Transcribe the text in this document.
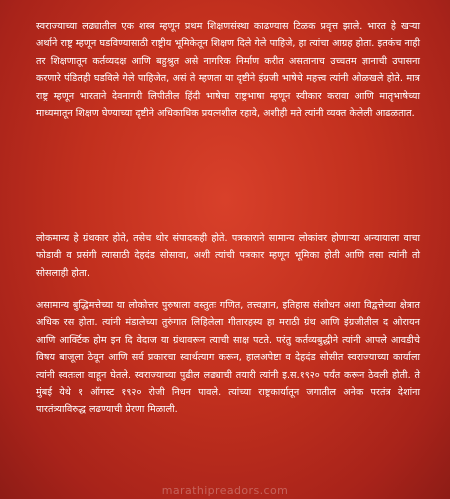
स्वराज्याच्या लढ्यातील एक शस्त्र म्हणून प्रथम शिक्षणसंस्था काढण्यास टिळक प्रवृत्त झाले. भारत हे खऱ्या अर्थाने राष्ट्र म्हणून घडविण्यासाठी राष्ट्रीय भूमिकेतून शिक्षण दिले गेले पाहिजे, हा त्यांचा आग्रह होता. इतकंच नाही तर शिक्षणातून कर्तव्यदक्ष आणि बहुश्रुत असे नागरिक निर्माण करीत असतानाच उच्चतम ज्ञानाची उपासना करणारे पंडितही घडविले गेले पाहिजेत, असं ते म्हणता या दृष्टीने इंग्रजी भाषेचे महत्त्व त्यांनी ओळखले होते. मात्र राष्ट्र म्हणून भारताने देवनागरी लिपीतील हिंदी भाषेचा राष्ट्रभाषा म्हणून स्वीकार करावा आणि मातृभाषेच्या माध्यमातून शिक्षण घेण्याच्या दृष्टीने अधिकाधिक प्रयत्नशील रहावे, अशीही मते त्यांनी व्यक्त केलेली आढळतात.
लोकमान्य हे ग्रंथकार होते, तसेच थोर संपादकही होते. पत्रकाराने सामान्य लोकांवर होणाऱ्या अन्यायाला वाचा फोडावी व प्रसंगी त्यासाठी देहदंड सोसावा, अशी त्यांची पत्रकार म्हणून भूमिका होती आणि तसा त्यांनी तो सोसलाही होता.
असामान्य बुद्धिमत्तेच्या या लोकोत्तर पुरुषाला वस्तुतः गणित, तत्त्वज्ञान, इतिहास संशोधन अशा विद्वत्तेच्या क्षेत्रात अधिक रस होता. त्यांनी मंडालेच्या तुरुंगात लिहिलेला गीतारहस्य हा मराठी ग्रंथ आणि इंग्रजीतील द ओरायन आणि आर्क्टिक होम इन दि वेदाज या ग्रंथावरून त्याची साक्ष पटते. परंतु कर्तव्यबुद्धीने त्यांनी आपले आवडीचे विषय बाजूला ठेवून आणि सर्व प्रकारचा स्वार्थत्याग करून, हालअपेष्टा व देहदंड सोसीत स्वराज्याच्या कार्याला त्यांनी स्वतःला वाहून घेतले. स्वराज्याच्या पुढील लढ्याची तयारी त्यांनी इ.स.१९२० पर्यंत करून ठेवली होती. ते मुंबई येथे १ ऑगस्ट १९२० रोजी निधन पावले. त्यांच्या राष्ट्रकार्यातून जगातील अनेक परतंत्र देशांना पारतंत्र्याविरुद्ध लढण्याची प्रेरणा मिळाली.
marathipreadors.com
